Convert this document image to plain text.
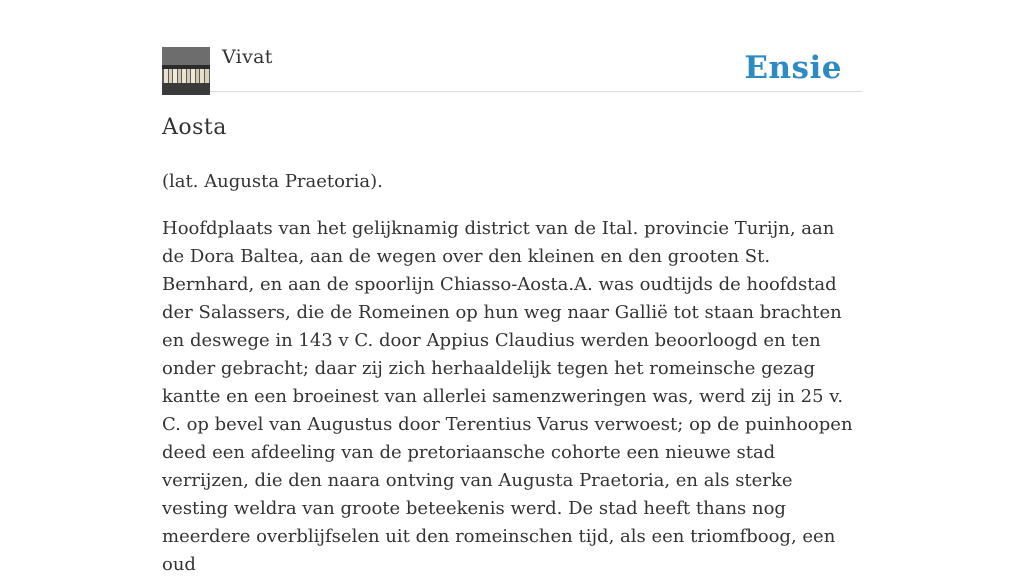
Vivat	Ensie
Aosta
(lat. Augusta Praetoria).

Hoofdplaats van het gelijknamig district van de Ital. provincie Turijn, aan de Dora Baltea, aan de wegen over den kleinen en den grooten St. Bernhard, en aan de spoorlijn Chiasso-Aosta.A. was oudtijds de hoofdstad der Salassers, die de Romeinen op hun weg naar Gallië tot staan brachten en deswege in 143 v C. door Appius Claudius werden beoorloogd en ten onder gebracht; daar zij zich herhaaldelijk tegen het romeinsche gezag kantte en een broeinest van allerlei samenzweringen was, werd zij in 25 v. C. op bevel van Augustus door Terentius Varus verwoest; op de puinhoopen deed een afdeeling van de pretoriaansche cohorte een nieuwe stad verrijzen, die den naara ontving van Augusta Praetoria, en als sterke vesting weldra van groote beteekenis werd. De stad heeft thans nog meerdere overblijfselen uit den romeinschen tijd, als een triomfboog, een oud
